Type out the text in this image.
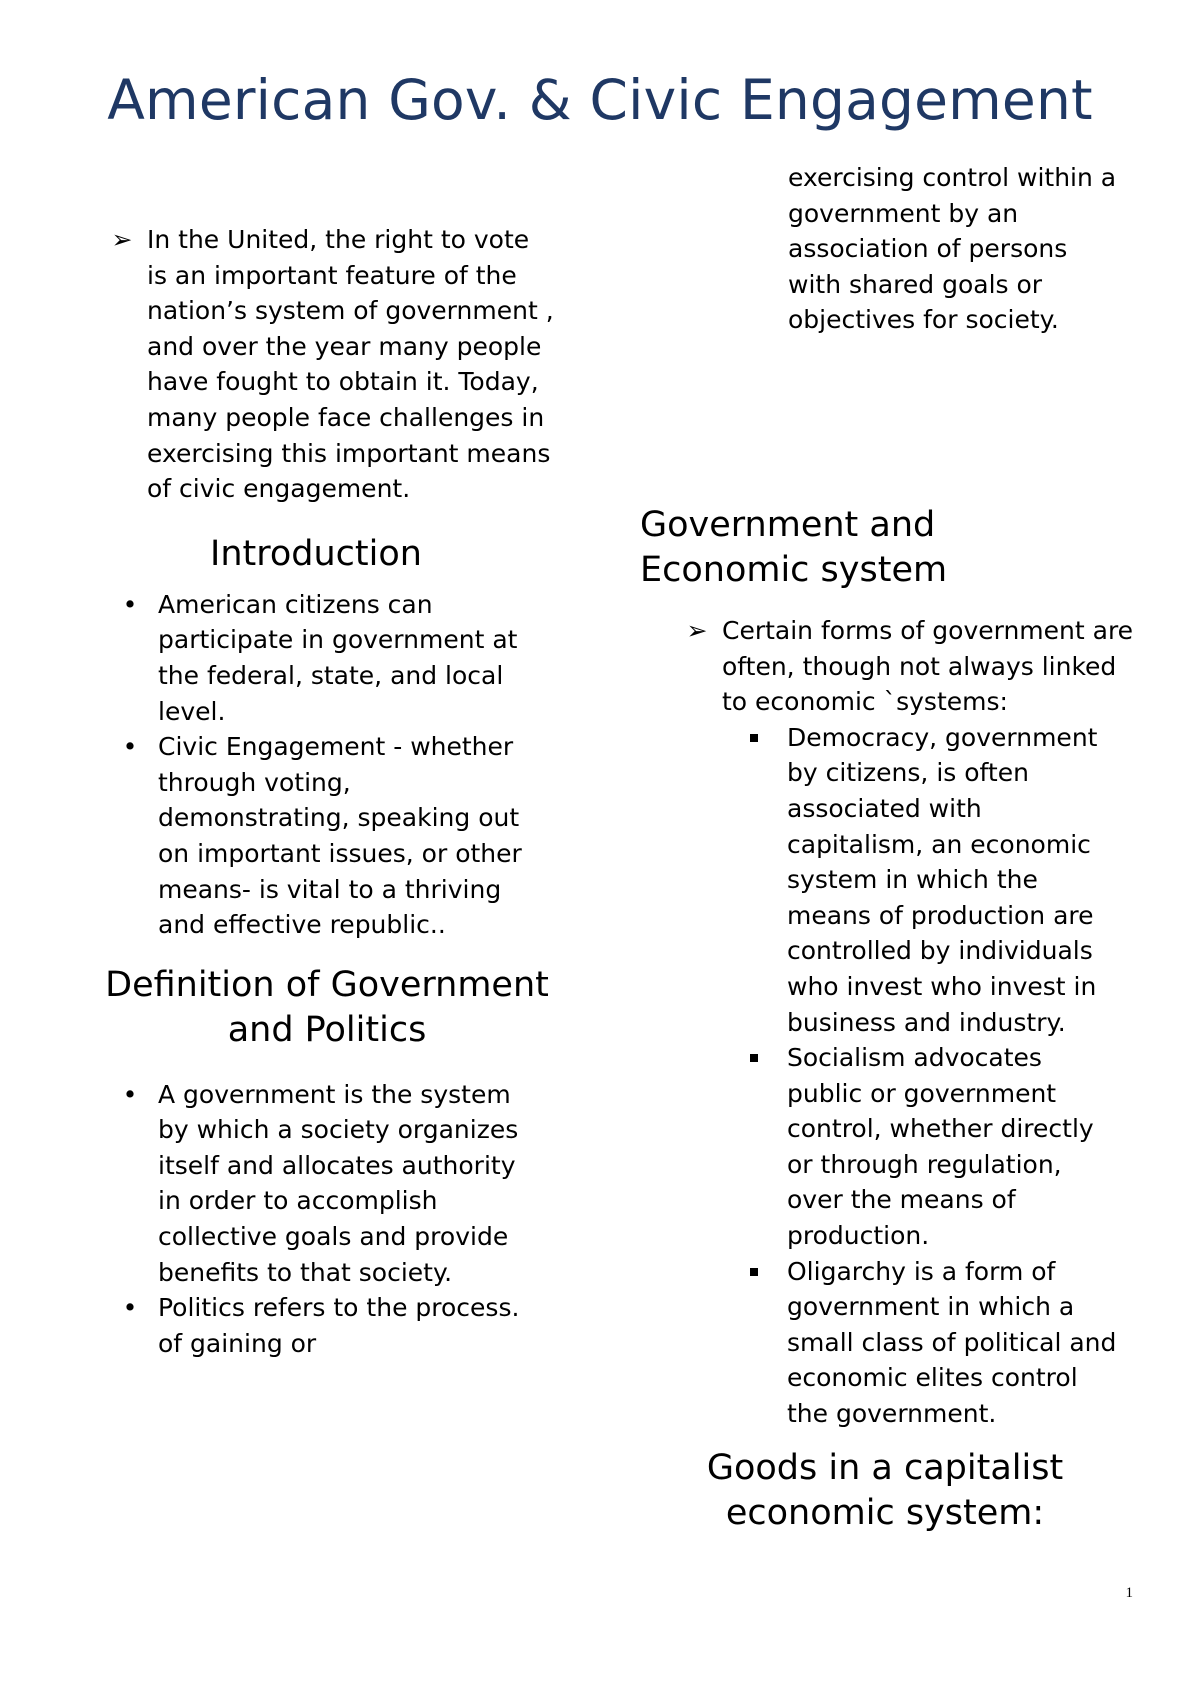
American Gov. & Civic Engagement
➢ In the United, the right to vote is an important feature of the nation’s system of government , and over the year many people have fought to obtain it. Today, many people face challenges in exercising this important means of civic engagement.
Introduction
• American citizens can participate in government at the federal, state, and local level.
• Civic Engagement - whether through voting, demonstrating, speaking out on important issues, or other means- is vital to a thriving and effective republic..
Definition of Government and Politics
• A government is the system by which a society organizes itself and allocates authority in order to accomplish collective goals and provide benefits to that society.
• Politics refers to the process. of gaining or
exercising control within a government by an association of persons with shared goals or objectives for society.
Government and Economic system
➢ Certain forms of government are often, though not always linked to economic `systems:
Democracy, government by citizens, is often associated with capitalism, an economic system in which the means of production are controlled by individuals who invest who invest in business and industry.
Socialism advocates public or government control, whether directly or through regulation, over the means of production.
Oligarchy is a form of government in which a small class of political and economic elites control the government.
Goods in a capitalist economic system:
1
